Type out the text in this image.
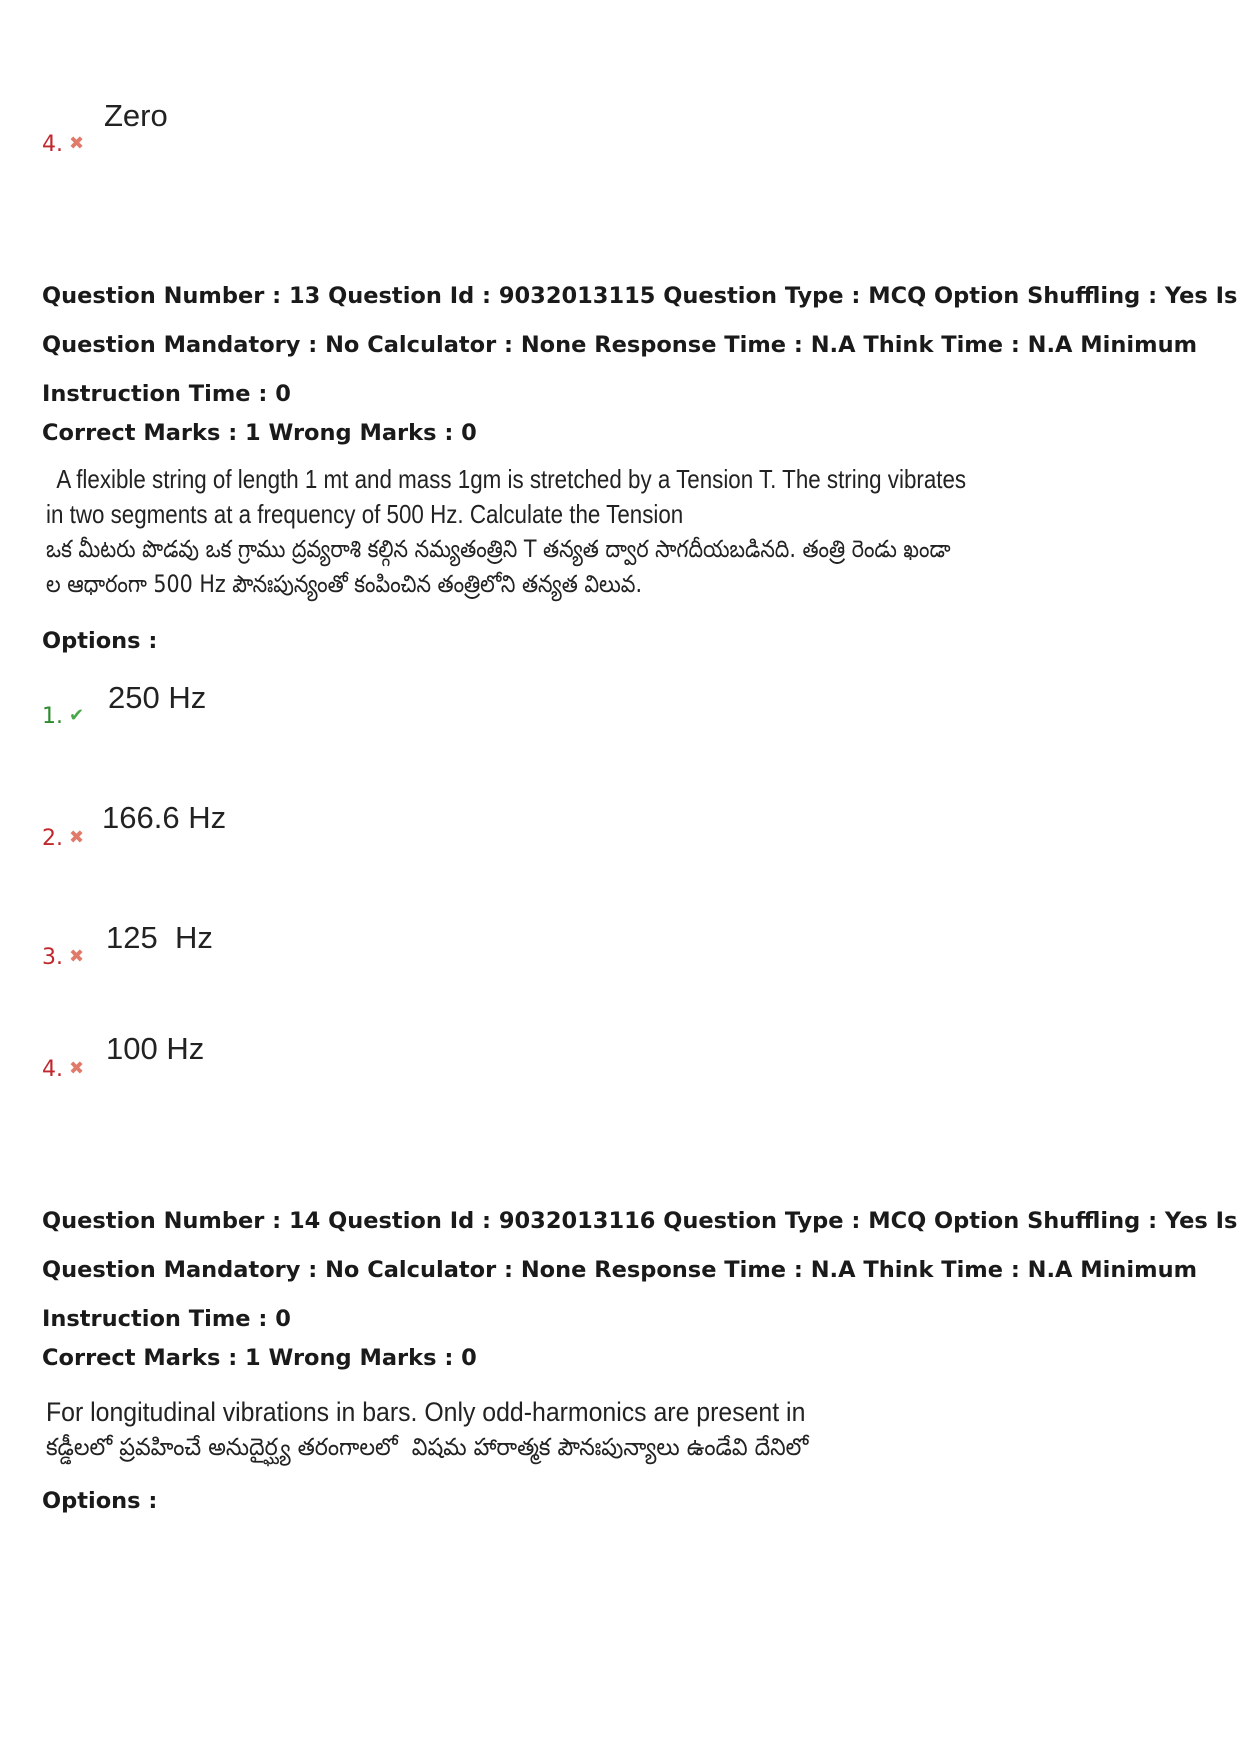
Zero
4. ✖
Question Number : 13 Question Id : 9032013115 Question Type : MCQ Option Shuffling : Yes Is
Question Mandatory : No Calculator : None Response Time : N.A Think Time : N.A Minimum
Instruction Time : 0
Correct Marks : 1 Wrong Marks : 0
A flexible string of length 1 mt and mass 1gm is stretched by a Tension T. The string vibrates
in two segments at a frequency of 500 Hz. Calculate the Tension
ఒక మీటరు పొడవు ఒక గ్రాము ద్రవ్యరాశి కల్గిన నమ్యతంత్రిని T తన్యత ద్వార సాగదీయబడినది. తంత్రి రెండు ఖండా
ల ఆధారంగా 500 Hz పౌనఃపున్యంతో కంపించిన తంత్రిలోని తన్యత విలువ.
Options :
250 Hz
1. ✔
166.6 Hz
2. ✖
125  Hz
3. ✖
100 Hz
4. ✖
Question Number : 14 Question Id : 9032013116 Question Type : MCQ Option Shuffling : Yes Is
Question Mandatory : No Calculator : None Response Time : N.A Think Time : N.A Minimum
Instruction Time : 0
Correct Marks : 1 Wrong Marks : 0
For longitudinal vibrations in bars. Only odd-harmonics are present in
కడ్డీలలో ప్రవహించే అనుదైర్ఘ్య తరంగాలలో  విషమ హారాత్మక పౌనఃపున్యాలు ఉండేవి దేనిలో
Options :
